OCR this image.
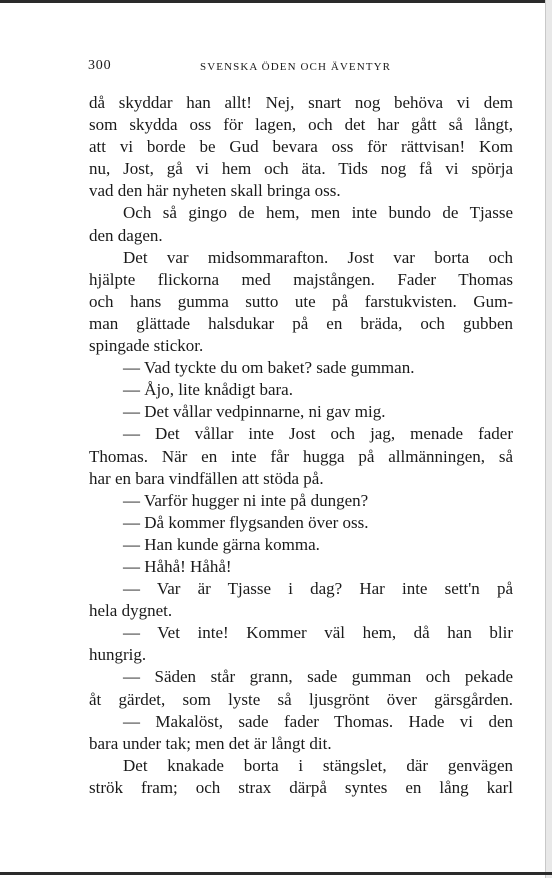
300	SVENSKA ÖDEN OCH ÄVENTYR
då skyddar han allt! Nej, snart nog behöva vi dem
som skydda oss för lagen, och det har gått så långt,
att vi borde be Gud bevara oss för rättvisan! Kom
nu, Jost, gå vi hem och äta. Tids nog få vi spörja
vad den här nyheten skall bringa oss.
Och så gingo de hem, men inte bundo de Tjasse
den dagen.
Det var midsommarafton. Jost var borta och
hjälpte flickorna med majstången. Fader Thomas
och hans gumma sutto ute på farstukvisten. Gum-
man glättade halsdukar på en bräda, och gubben
spingade stickor.
— Vad tyckte du om baket? sade gumman.
— Åjo, lite knådigt bara.
— Det vållar vedpinnarne, ni gav mig.
— Det vållar inte Jost och jag, menade fader
Thomas. När en inte får hugga på allmänningen, så
har en bara vindfällen att stöda på.
— Varför hugger ni inte på dungen?
— Då kommer flygsanden över oss.
— Han kunde gärna komma.
— Håhå! Håhå!
— Var är Tjasse i dag? Har inte sett'n på
hela dygnet.
— Vet inte! Kommer väl hem, då han blir
hungrig.
— Säden står grann, sade gumman och pekade
åt gärdet, som lyste så ljusgrönt över gärsgården.
— Makalöst, sade fader Thomas. Hade vi den
bara under tak; men det är långt dit.
Det knakade borta i stängslet, där genvägen
strök fram; och strax därpå syntes en lång karl
